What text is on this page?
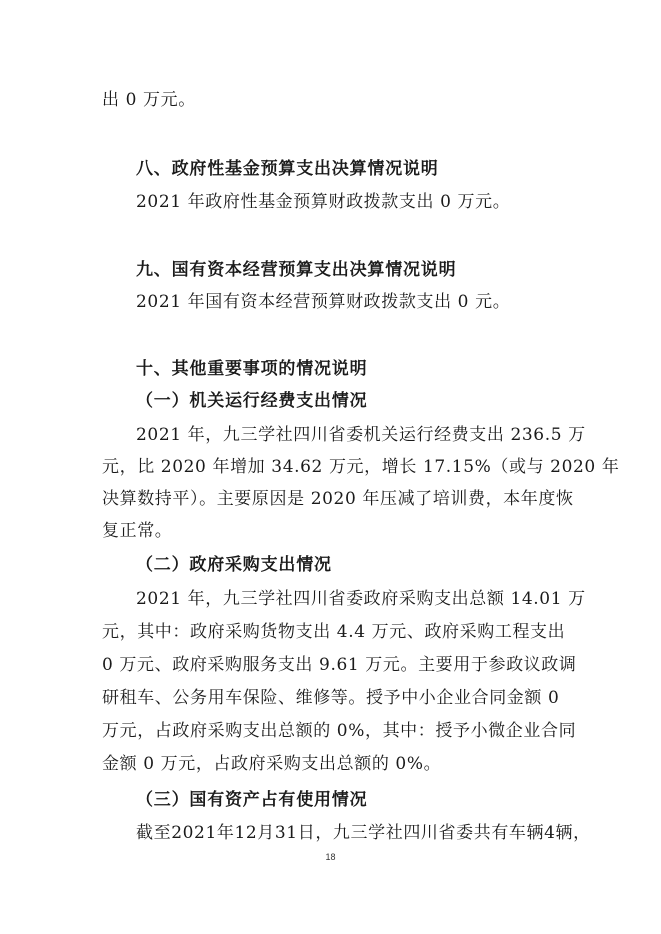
出 0 万元。
八、政府性基金预算支出决算情况说明
2021 年政府性基金预算财政拨款支出 0 万元。
九、国有资本经营预算支出决算情况说明
2021 年国有资本经营预算财政拨款支出 0 元。
十、其他重要事项的情况说明
（一）机关运行经费支出情况
2021 年，九三学社四川省委机关运行经费支出 236.5 万
元，比 2020 年增加 34.62 万元，增长 17.15%（或与 2020 年
决算数持平）。主要原因是 2020 年压减了培训费，本年度恢
复正常。
（二）政府采购支出情况
2021 年，九三学社四川省委政府采购支出总额 14.01 万
元，其中：政府采购货物支出 4.4 万元、政府采购工程支出
0 万元、政府采购服务支出 9.61 万元。主要用于参政议政调
研租车、公务用车保险、维修等。授予中小企业合同金额 0
万元，占政府采购支出总额的 0%，其中：授予小微企业合同
金额 0 万元，占政府采购支出总额的 0%。
（三）国有资产占有使用情况
截至2021年12月31日，九三学社四川省委共有车辆4辆，
18
